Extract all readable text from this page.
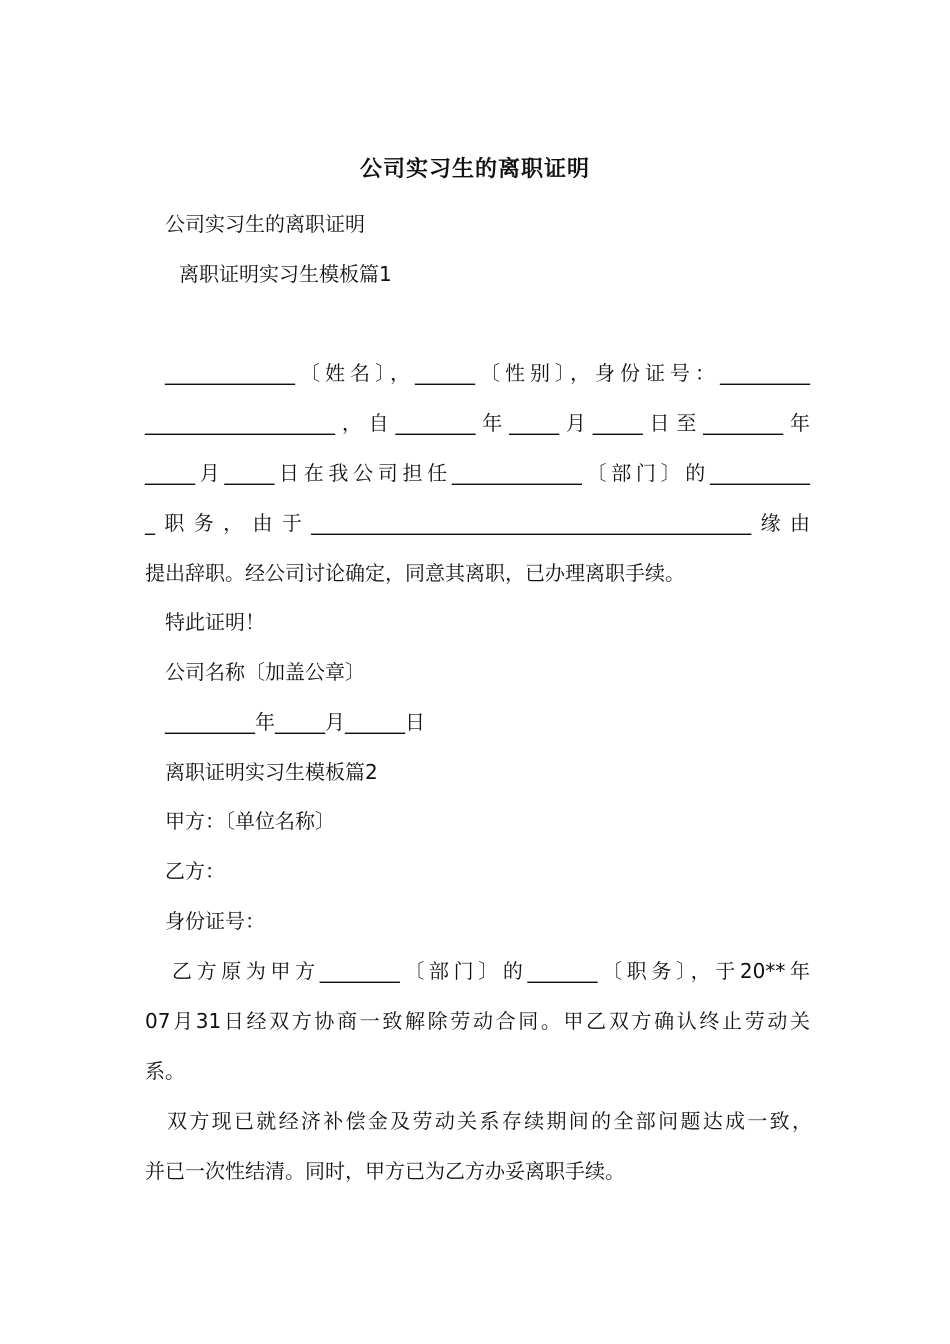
公司实习生的离职证明
公司实习生的离职证明
离职证明实习生模板篇1
_____________〔姓名〕，______〔性别〕，身份证号：_________
___________________，自________年_____月_____日至________年
_____月_____日在我公司担任_____________〔部门〕的__________
_职务，由于____________________________________________缘由
提出辞职。经公司讨论确定，同意其离职，已办理离职手续。
特此证明！
公司名称〔加盖公章〕
_________年_____月______日
离职证明实习生模板篇2
甲方：〔单位名称〕
乙方：
身份证号：
乙方原为甲方________〔部门〕的_______〔职务〕，于20**年
07月31日经双方协商一致解除劳动合同。甲乙双方确认终止劳动关
系。
双方现已就经济补偿金及劳动关系存续期间的全部问题达成一致，
并已一次性结清。同时，甲方已为乙方办妥离职手续。
